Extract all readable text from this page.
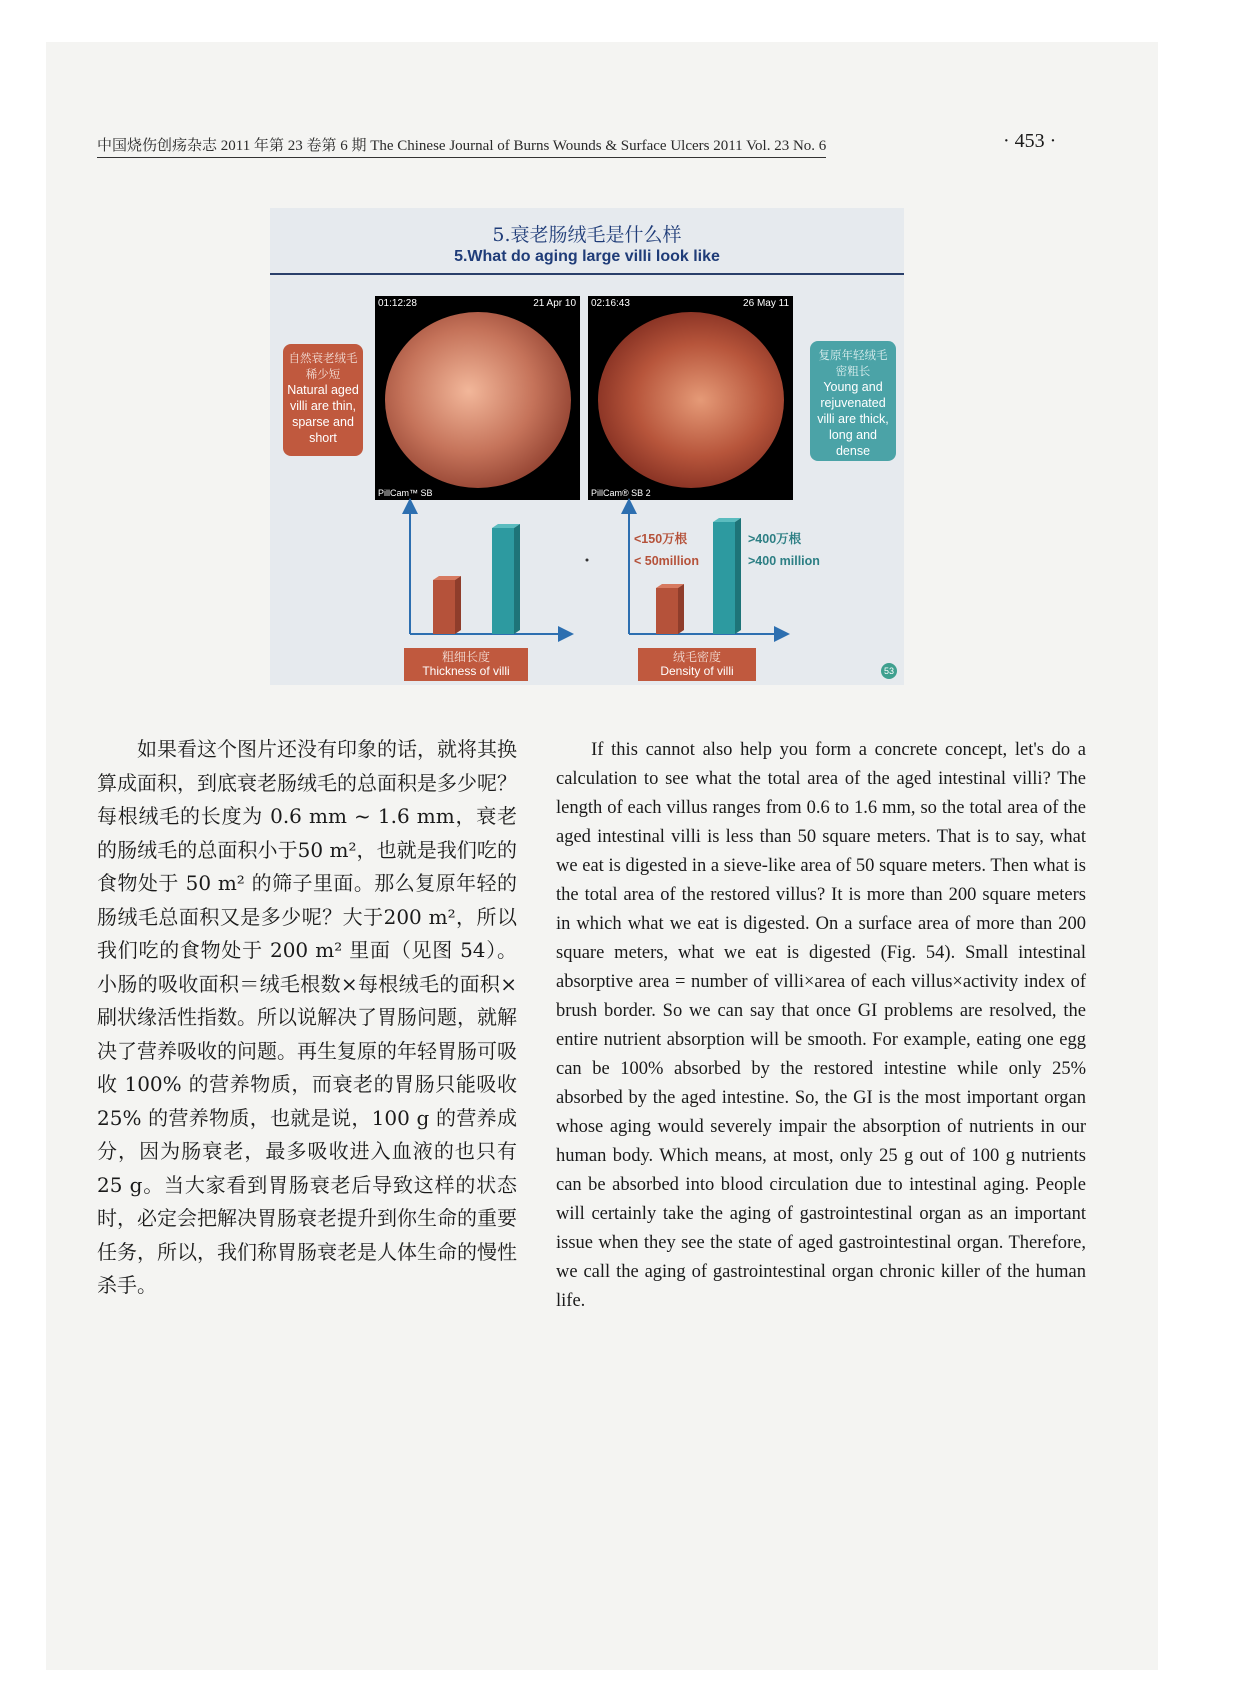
中国烧伤创疡杂志 2011 年第 23 卷第 6 期 The Chinese Journal of Burns Wounds & Surface Ulcers 2011 Vol. 23 No. 6	· 453 ·
5.衰老肠绒毛是什么样
5.What do aging large villi look like
01:12:28	21 Apr 10
PillCam™ SB
02:16:43	26 May 11
PillCam® SB 2
自然衰老绒毛稀少短
Natural aged villi are thin, sparse and short
复原年轻绒毛密粗长
Young and rejuvenated villi are thick, long and dense
<150万根
< 50million
>400万根
>400 million
粗细长度
Thickness of villi
绒毛密度
Density of villi	53

如果看这个图片还没有印象的话，就将其换算成面积，到底衰老肠绒毛的总面积是多少呢？每根绒毛的长度为 0.6 mm ~ 1.6 mm，衰老的肠绒毛的总面积小于50 m²，也就是我们吃的食物处于 50 m² 的筛子里面。那么复原年轻的肠绒毛总面积又是多少呢？大于200 m²，所以我们吃的食物处于 200 m² 里面（见图 54）。小肠的吸收面积＝绒毛根数×每根绒毛的面积×刷状缘活性指数。所以说解决了胃肠问题，就解决了营养吸收的问题。再生复原的年轻胃肠可吸收 100% 的营养物质，而衰老的胃肠只能吸收 25% 的营养物质，也就是说，100 g 的营养成分，因为肠衰老，最多吸收进入血液的也只有 25 g。当大家看到胃肠衰老后导致这样的状态时，必定会把解决胃肠衰老提升到你生命的重要任务，所以，我们称胃肠衰老是人体生命的慢性杀手。

If this cannot also help you form a concrete concept, let's do a calculation to see what the total area of the aged intestinal villi? The length of each villus ranges from 0.6 to 1.6 mm, so the total area of the aged intestinal villi is less than 50 square meters. That is to say, what we eat is digested in a sieve-like area of 50 square meters. Then what is the total area of the restored villus? It is more than 200 square meters in which what we eat is digested. On a surface area of more than 200 square meters, what we eat is digested (Fig. 54). Small intestinal absorptive area = number of villi×area of each villus×activity index of brush border. So we can say that once GI problems are resolved, the entire nutrient absorption will be smooth. For example, eating one egg can be 100% absorbed by the restored intestine while only 25% absorbed by the aged intestine. So, the GI is the most important organ whose aging would severely impair the absorption of nutrients in our human body. Which means, at most, only 25 g out of 100 g nutrients can be absorbed into blood circulation due to intestinal aging. People will certainly take the aging of gastrointestinal organ as an important issue when they see the state of aged gastrointestinal organ. Therefore, we call the aging of gastrointestinal organ chronic killer of the human life.
